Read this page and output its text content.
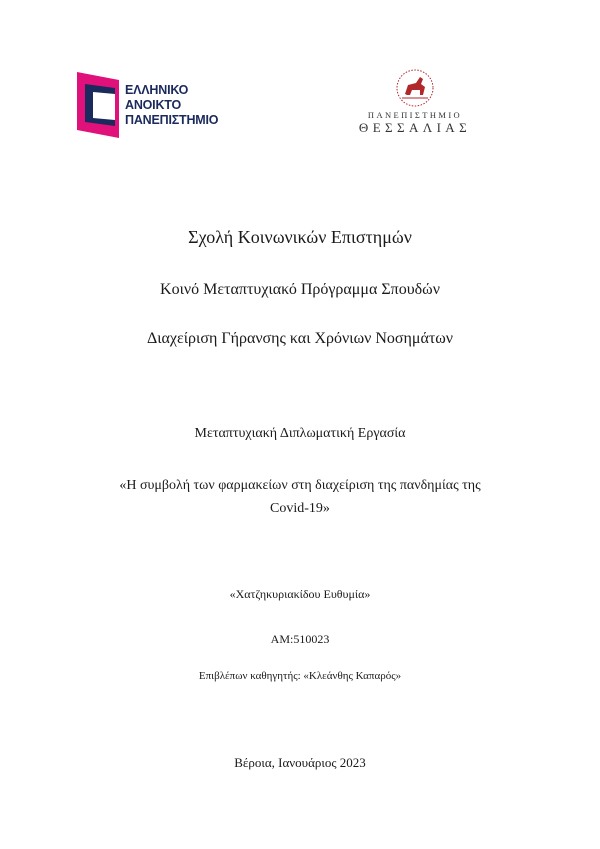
ΕΛΛΗΝΙΚΟ
ΑΝΟΙΚΤΟ
ΠΑΝΕΠΙΣΤΗΜΙΟ	ΠΑΝΕΠΙΣΤΗΜΙΟ
ΘΕΣΣΑΛΙΑΣ
Σχολή Κοινωνικών Επιστημών
Κοινό Μεταπτυχιακό Πρόγραμμα Σπουδών
Διαχείριση Γήρανσης και Χρόνιων Νοσημάτων
Μεταπτυχιακή Διπλωματική Εργασία
«Η συμβολή των φαρμακείων στη διαχείριση της πανδημίας της
Covid-19»
«Χατζηκυριακίδου Ευθυμία»
ΑΜ:510023
Επιβλέπων καθηγητής: «Κλεάνθης Καπαρός»
Βέροια, Ιανουάριος 2023
